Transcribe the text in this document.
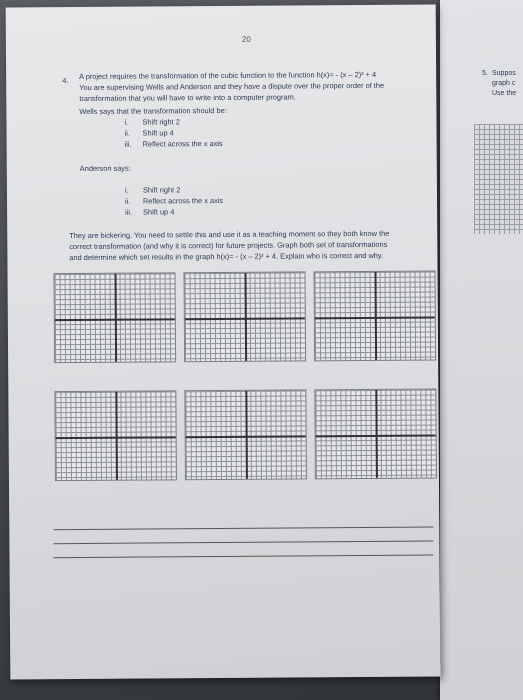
5. Suppos
graph c
Use the
20
4. A project requires the transformation of the cubic function to the function h(x)= - (x – 2)³ + 4
You are supervising Wells and Anderson and they have a dispute over the proper order of the
transformation that you will have to write into a computer program.
Wells says that the transformation should be:
i. Shift right 2
ii. Shift up 4
iii. Reflect across the x axis
Anderson says:
i. Shift right 2
ii. Reflect across the x axis
iii. Shift up 4
They are bickering. You need to settle this and use it as a teaching moment so they both know the
correct transformation (and why it is correct) for future projects. Graph both set of transformations
and determine which set results in the graph h(x)= - (x – 2)³ + 4. Explain who is correct and why.
